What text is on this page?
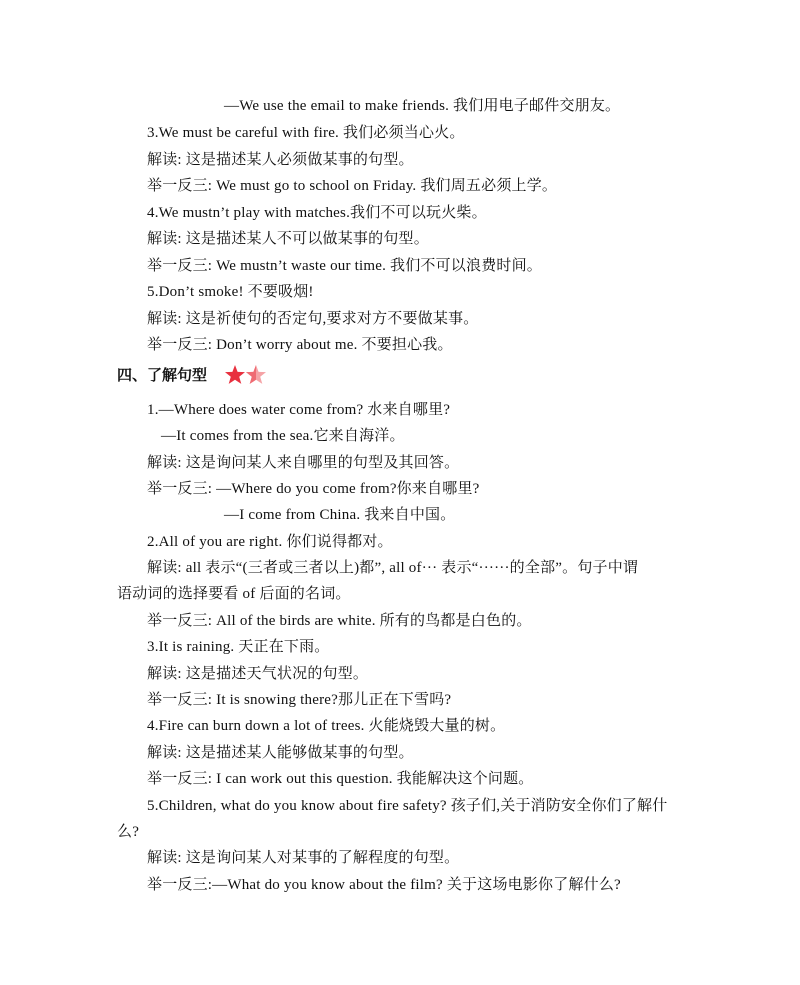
—We use the email to make friends. 我们用电子邮件交朋友。
3.We must be careful with fire. 我们必须当心火。
解读: 这是描述某人必须做某事的句型。
举一反三: We must go to school on Friday. 我们周五必须上学。
4.We mustn’t play with matches.我们不可以玩火柴。
解读: 这是描述某人不可以做某事的句型。
举一反三: We mustn’t waste our time. 我们不可以浪费时间。
5.Don’t smoke! 不要吸烟!
解读: 这是祈使句的否定句,要求对方不要做某事。
举一反三: Don’t worry about me. 不要担心我。
四、了解句型
1.—Where does water come from? 水来自哪里?
—It comes from the sea.它来自海洋。
解读: 这是询问某人来自哪里的句型及其回答。
举一反三: —Where do you come from?你来自哪里?
—I come from China. 我来自中国。
2.All of you are right. 你们说得都对。
解读: all 表示“(三者或三者以上)都”, all of··· 表示“······的全部”。句子中谓
语动词的选择要看 of 后面的名词。
举一反三: All of the birds are white. 所有的鸟都是白色的。
3.It is raining. 天正在下雨。
解读: 这是描述天气状况的句型。
举一反三: It is snowing there?那儿正在下雪吗?
4.Fire can burn down a lot of trees. 火能烧毁大量的树。
解读: 这是描述某人能够做某事的句型。
举一反三: I can work out this question. 我能解决这个问题。
5.Children, what do you know about fire safety? 孩子们,关于消防安全你们了解什
么?
解读: 这是询问某人对某事的了解程度的句型。
举一反三:—What do you know about the film? 关于这场电影你了解什么?
